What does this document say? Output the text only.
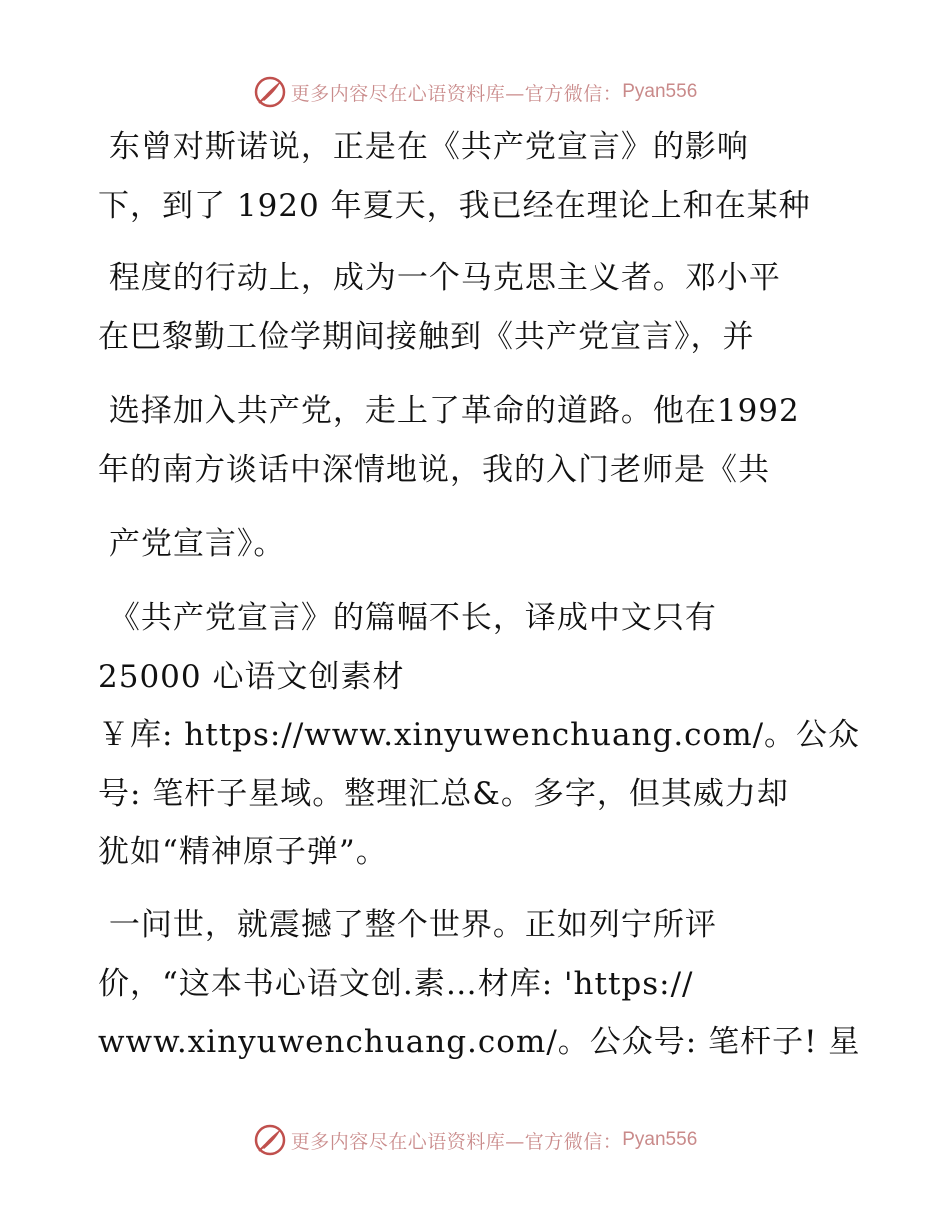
更多内容尽在心语资料库—官方微信： Pyan556
东曾对斯诺说，正是在《共产党宣言》的影响
下，到了 1920 年夏天，我已经在理论上和在某种
程度的行动上，成为一个马克思主义者。邓小平
在巴黎勤工俭学期间接触到《共产党宣言》，并
选择加入共产党，走上了革命的道路。他在1992
年的南方谈话中深情地说，我的入门老师是《共
产党宣言》。
《共产党宣言》的篇幅不长，译成中文只有
25000 心语文创素材
￥库: https://www.xinyuwenchuang.com/。公众
号: 笔杆子星域。整理汇总&。多字，但其威力却
犹如“精神原子弹”。
一问世，就震撼了整个世界。正如列宁所评
价，“这本书心语文创.素…材库: 'https://
www.xinyuwenchuang.com/。公众号: 笔杆子! 星
更多内容尽在心语资料库—官方微信： Pyan556
